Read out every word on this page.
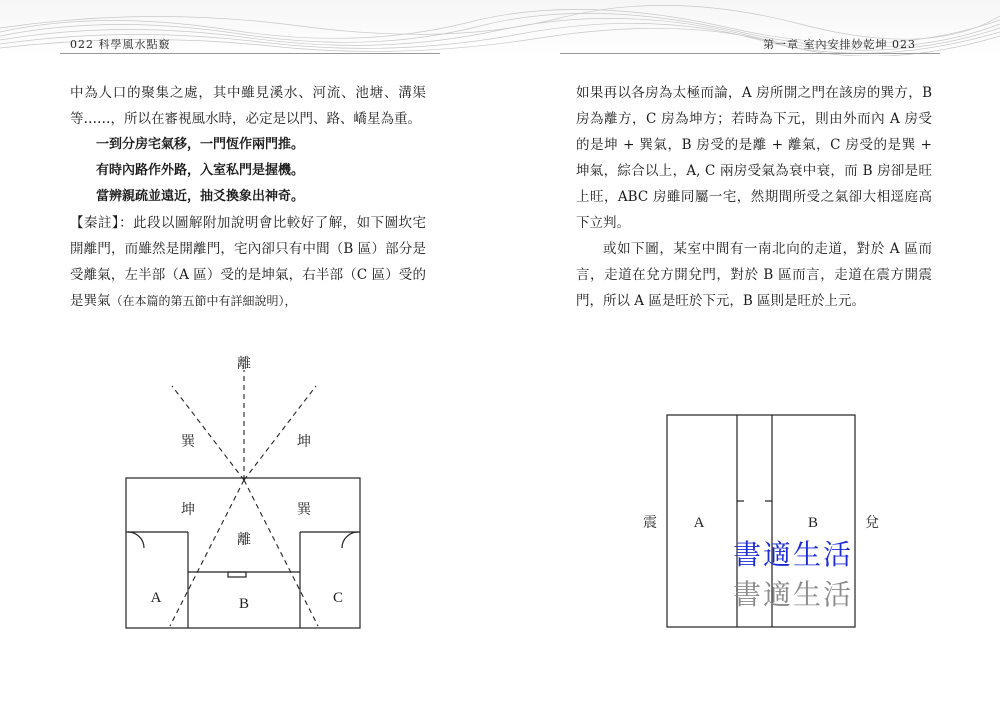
022 科學風水點竅	第一章 室內安排妙乾坤 023

中為人口的聚集之處，其中雖見溪水、河流、池塘、溝渠等……，所以在審視風水時，必定是以門、路、嶠星為重。

一到分房宅氣移，一門恆作兩門推。

有時內路作外路，入室私門是握機。

當辨親疏並遠近，抽爻換象出神奇。

【秦註】：此段以圖解附加說明會比較好了解，如下圖坎宅開離門，而雖然是開離門，宅內卻只有中間（B 區）部分是受離氣，左半部（A 區）受的是坤氣，右半部（C 區）受的是巽氣（在本篇的第五節中有詳細說明），

如果再以各房為太極而論，A 房所開之門在該房的巽方，B 房為離方，C 房為坤方；若時為下元，則由外而內 A 房受的是坤 + 巽氣，B 房受的是離 + 離氣，C 房受的是巽 + 坤氣，綜合以上，A, C 兩房受氣為衰中衰，而 B 房卻是旺上旺，ABC 房雖同屬一宅，然期間所受之氣卻大相逕庭高下立判。

或如下圖，某室中間有一南北向的走道，對於 A 區而言，走道在兌方開兌門，對於 B 區而言，走道在震方開震門，所以 A 區是旺於下元，B 區則是旺於上元。

離
巽	坤
坤	巽
離
A	B	C
震	兌
A	B
書適生活
書適生活
